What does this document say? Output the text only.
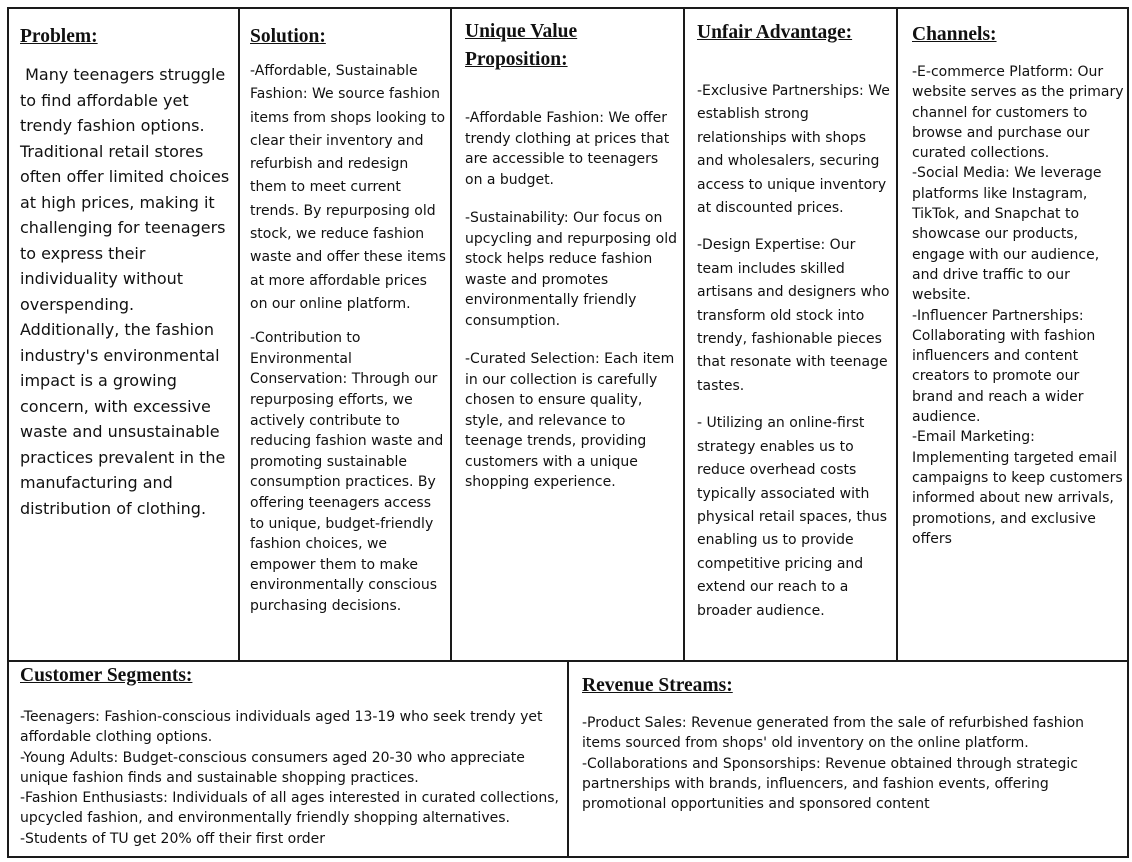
Problem:

Many teenagers struggle to find affordable yet trendy fashion options. Traditional retail stores often offer limited choices at high prices, making it challenging for teenagers to express their individuality without overspending. Additionally, the fashion industry's environmental impact is a growing concern, with excessive waste and unsustainable practices prevalent in the manufacturing and distribution of clothing.

Solution:

-Affordable, Sustainable Fashion: We source fashion items from shops looking to clear their inventory and refurbish and redesign them to meet current trends. By repurposing old stock, we reduce fashion waste and offer these items at more affordable prices on our online platform.

-Contribution to Environmental Conservation: Through our repurposing efforts, we actively contribute to reducing fashion waste and promoting sustainable consumption practices. By offering teenagers access to unique, budget-friendly fashion choices, we empower them to make environmentally conscious purchasing decisions.

Unique Value Proposition:

-Affordable Fashion: We offer trendy clothing at prices that are accessible to teenagers on a budget.

-Sustainability: Our focus on upcycling and repurposing old stock helps reduce fashion waste and promotes environmentally friendly consumption.

-Curated Selection: Each item in our collection is carefully chosen to ensure quality, style, and relevance to teenage trends, providing customers with a unique shopping experience.

Unfair Advantage:

-Exclusive Partnerships: We establish strong relationships with shops and wholesalers, securing access to unique inventory at discounted prices.

-Design Expertise: Our team includes skilled artisans and designers who transform old stock into trendy, fashionable pieces that resonate with teenage tastes.

- Utilizing an online-first strategy enables us to reduce overhead costs typically associated with physical retail spaces, thus enabling us to provide competitive pricing and extend our reach to a broader audience.

Channels:

-E-commerce Platform: Our website serves as the primary channel for customers to browse and purchase our curated collections.

-Social Media: We leverage platforms like Instagram, TikTok, and Snapchat to showcase our products, engage with our audience, and drive traffic to our website.

-Influencer Partnerships: Collaborating with fashion influencers and content creators to promote our brand and reach a wider audience.

-Email Marketing: Implementing targeted email campaigns to keep customers informed about new arrivals, promotions, and exclusive offers

Customer Segments:

-Teenagers: Fashion-conscious individuals aged 13-19 who seek trendy yet affordable clothing options.

-Young Adults: Budget-conscious consumers aged 20-30 who appreciate unique fashion finds and sustainable shopping practices.

-Fashion Enthusiasts: Individuals of all ages interested in curated collections, upcycled fashion, and environmentally friendly shopping alternatives.

-Students of TU get 20% off their first order

Revenue Streams:

-Product Sales: Revenue generated from the sale of refurbished fashion items sourced from shops' old inventory on the online platform.

-Collaborations and Sponsorships: Revenue obtained through strategic partnerships with brands, influencers, and fashion events, offering promotional opportunities and sponsored content
